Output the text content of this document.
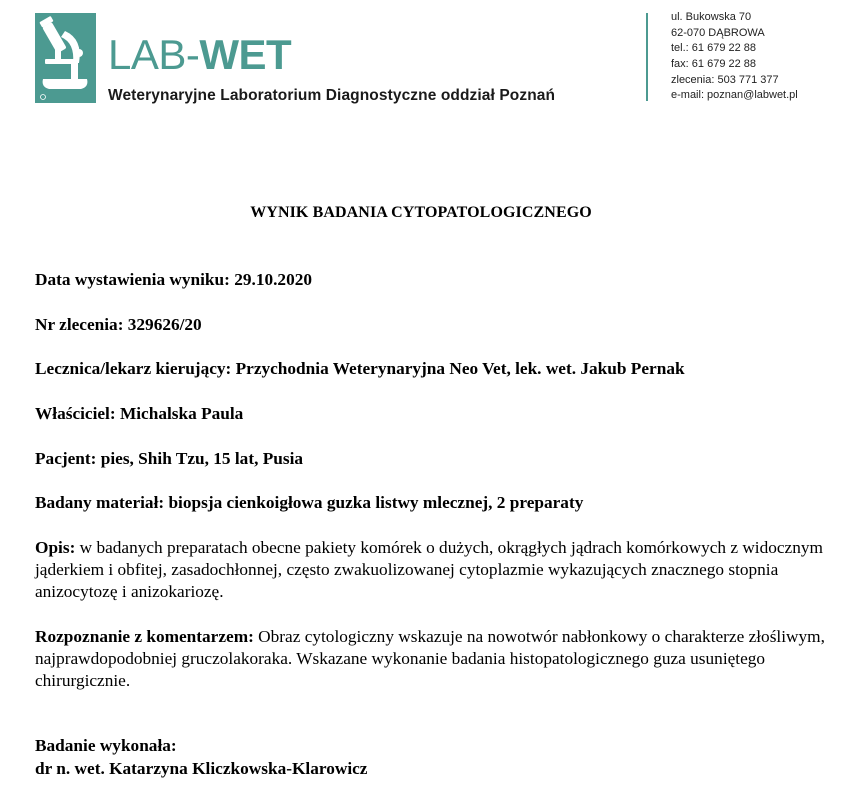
LAB-WET
Weterynaryjne Laboratorium Diagnostyczne oddział Poznań
ul. Bukowska 70
62-070 DĄBROWA
tel.: 61 679 22 88
fax: 61 679 22 88
zlecenia: 503 771 377
e-mail: poznan@labwet.pl
WYNIK BADANIA CYTOPATOLOGICZNEGO
Data wystawienia wyniku: 29.10.2020
Nr zlecenia: 329626/20
Lecznica/lekarz kierujący: Przychodnia Weterynaryjna Neo Vet, lek. wet. Jakub Pernak
Właściciel: Michalska Paula
Pacjent: pies, Shih Tzu, 15 lat, Pusia
Badany materiał: biopsja cienkoigłowa guzka listwy mlecznej, 2 preparaty
Opis: w badanych preparatach obecne pakiety komórek o dużych, okrągłych jądrach komórkowych z widocznym jąderkiem i obfitej, zasadochłonnej, często zwakuolizowanej cytoplazmie wykazujących znacznego stopnia anizocytozę i anizokariozę.
Rozpoznanie z komentarzem: Obraz cytologiczny wskazuje na nowotwór nabłonkowy o charakterze złośliwym, najprawdopodobniej gruczolakoraka. Wskazane wykonanie badania histopatologicznego guza usuniętego chirurgicznie.
Badanie wykonała:
dr n. wet. Katarzyna Kliczkowska-Klarowicz
